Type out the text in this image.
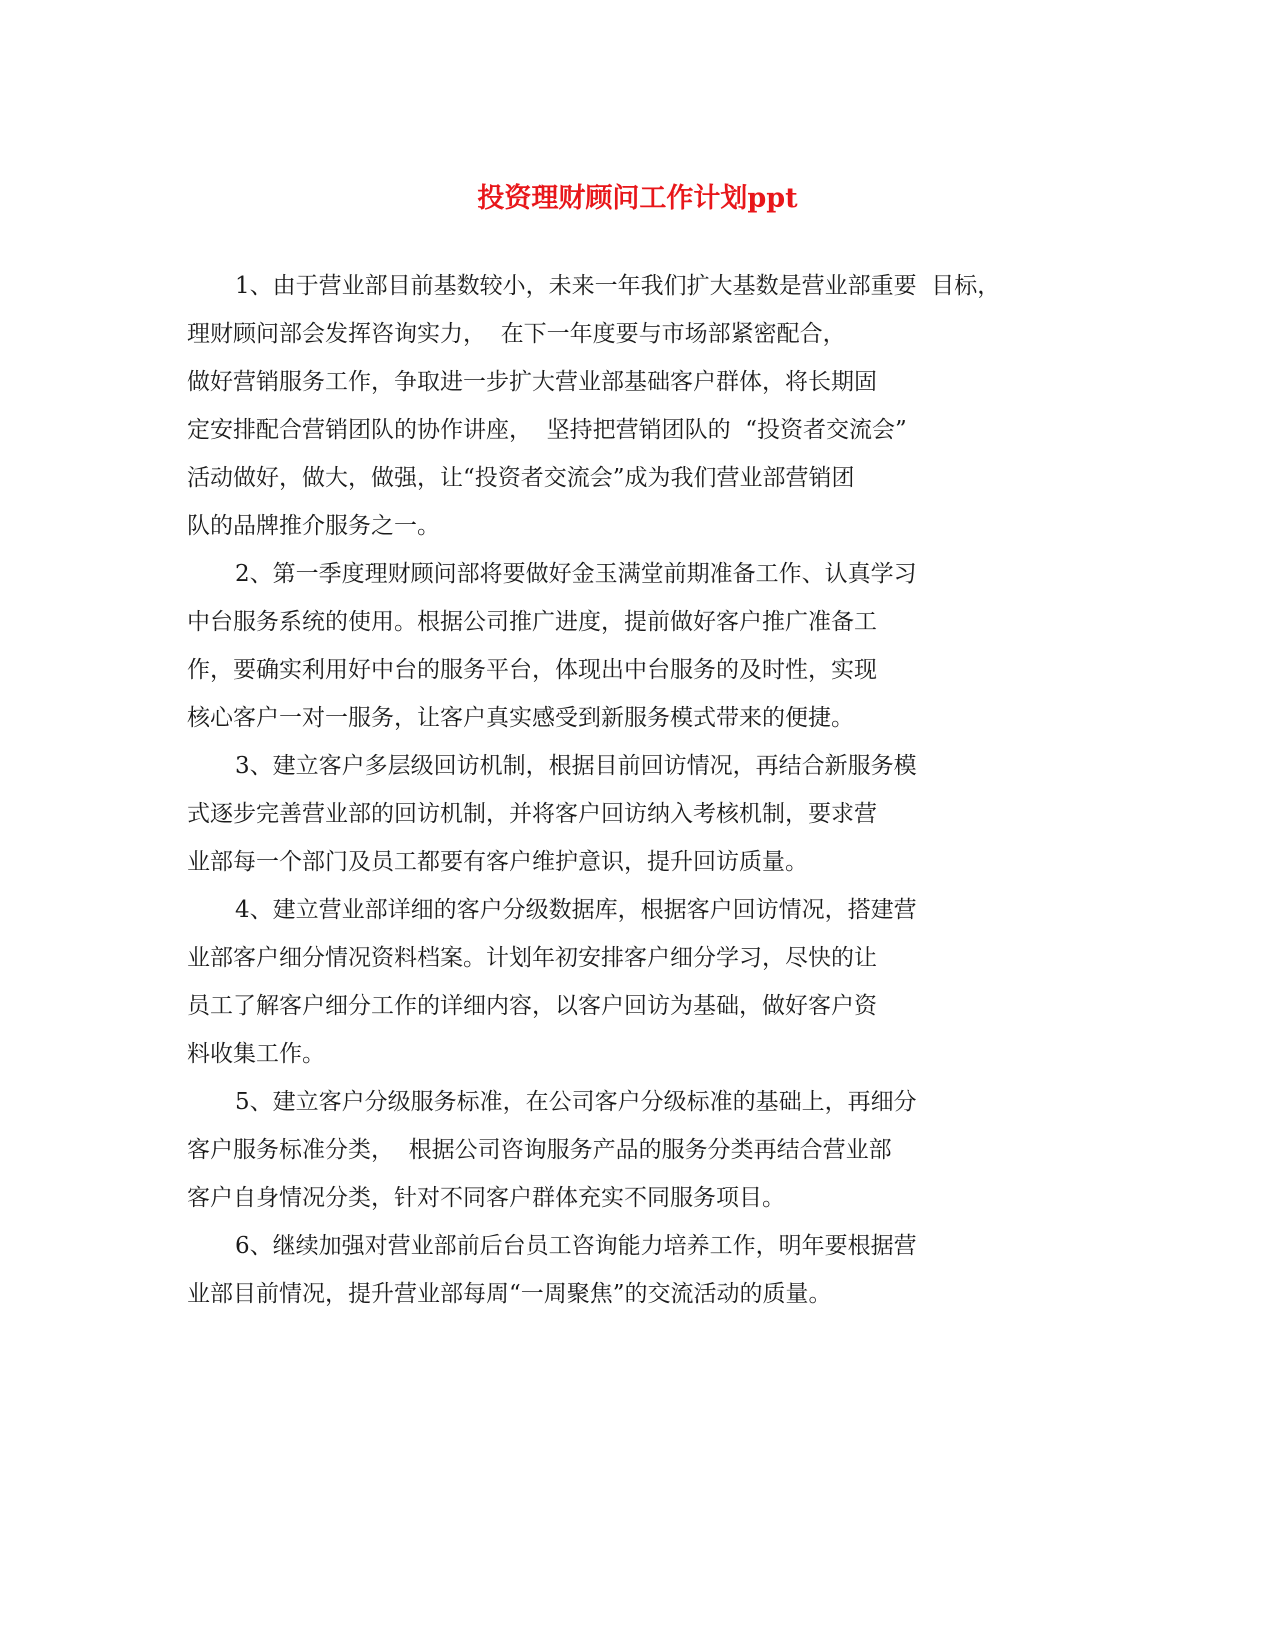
投资理财顾问工作计划ppt
1、由于营业部目前基数较小，未来一年我们扩大基数是营业部重要  目标，
理财顾问部会发挥咨询实力，  在下一年度要与市场部紧密配合，
做好营销服务工作，争取进一步扩大营业部基础客户群体，将长期固
定安排配合营销团队的协作讲座，  坚持把营销团队的  “投资者交流会”
活动做好，做大，做强，让“投资者交流会”成为我们营业部营销团
队的品牌推介服务之一。
2、第一季度理财顾问部将要做好金玉满堂前期准备工作、认真学习
中台服务系统的使用。根据公司推广进度，提前做好客户推广准备工
作，要确实利用好中台的服务平台，体现出中台服务的及时性，实现
核心客户一对一服务，让客户真实感受到新服务模式带来的便捷。
3、建立客户多层级回访机制，根据目前回访情况，再结合新服务模
式逐步完善营业部的回访机制，并将客户回访纳入考核机制，要求营
业部每一个部门及员工都要有客户维护意识，提升回访质量。
4、建立营业部详细的客户分级数据库，根据客户回访情况，搭建营
业部客户细分情况资料档案。计划年初安排客户细分学习，尽快的让
员工了解客户细分工作的详细内容，以客户回访为基础，做好客户资
料收集工作。
5、建立客户分级服务标准，在公司客户分级标准的基础上，再细分
客户服务标准分类，  根据公司咨询服务产品的服务分类再结合营业部
客户自身情况分类，针对不同客户群体充实不同服务项目。
6、继续加强对营业部前后台员工咨询能力培养工作，明年要根据营
业部目前情况，提升营业部每周“一周聚焦”的交流活动的质量。
